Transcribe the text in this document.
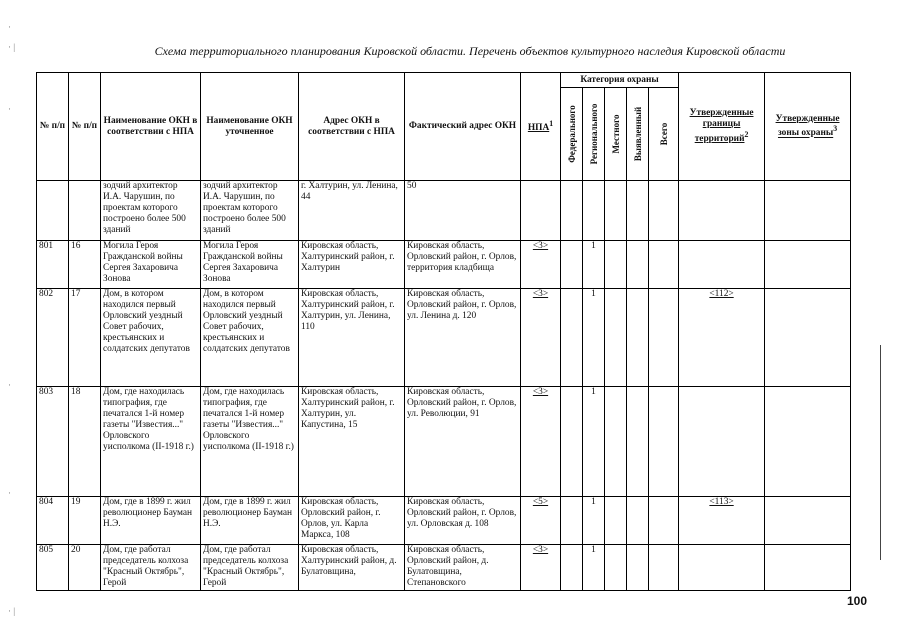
·
· |
·
·
·
· |
Схема территориального планирования Кировской области. Перечень объектов культурного наследия Кировской области
№ п/п	№ п/п	Наименование ОКН в соответствии с НПА	Наименование ОКН уточненное	Адрес ОКН в соответствии с НПА	Фактический адрес ОКН	НПА$^1$	Категория охраны					Утвержденные границы территорий$^2$	Утвержденные зоны охраны$^3$

							Федерального	Регионального	Местного	Выявленный	Всего		

		зодчий архитектор И.А. Чарушин, по проектам которого построено более 500 зданий	зодчий архитектор И.А. Чарушин, по проектам которого построено более 500 зданий	г. Халтурин, ул. Ленина, 44	50								
801	16	Могила Героя Гражданской войны Сергея Захаровича Зонова	Могила Героя Гражданской войны Сергея Захаровича Зонова	Кировская область, Халтуринский район, г. Халтурин	Кировская область, Орловский район, г. Орлов, территория кладбища	<3>		1					
802	17	Дом, в котором находился первый Орловский уездный Совет рабочих, крестьянских и солдатских депутатов	Дом, в котором находился первый Орловский уездный Совет рабочих, крестьянских и солдатских депутатов	Кировская область, Халтуринский район, г. Халтурин, ул. Ленина, 110	Кировская область, Орловский район, г. Орлов, ул. Ленина д. 120	<3>		1				<112>	
803	18	Дом, где находилась типография, где печатался 1-й номер газеты "Известия..." Орловского уисполкома (II-1918 г.)	Дом, где находилась типография, где печатался 1-й номер газеты "Известия..." Орловского уисполкома (II-1918 г.)	Кировская область, Халтуринский район, г. Халтурин, ул. Капустина, 15	Кировская область, Орловский район, г. Орлов, ул. Революции, 91	<3>		1					
804	19	Дом, где в 1899 г. жил революционер Бауман Н.Э.	Дом, где в 1899 г. жил революционер Бауман Н.Э.	Кировская область, Орловский район, г. Орлов, ул. Карла Маркса, 108	Кировская область, Орловский район, г. Орлов, ул. Орловская д. 108	<5>		1				<113>	
805	20	Дом, где работал председатель колхоза "Красный Октябрь", Герой	Дом, где работал председатель колхоза "Красный Октябрь", Герой	Кировская область, Халтуринский район, д. Булатовщина,	Кировская область, Орловский район, д. Булатовщина, Степановского	<3>		1					
100
